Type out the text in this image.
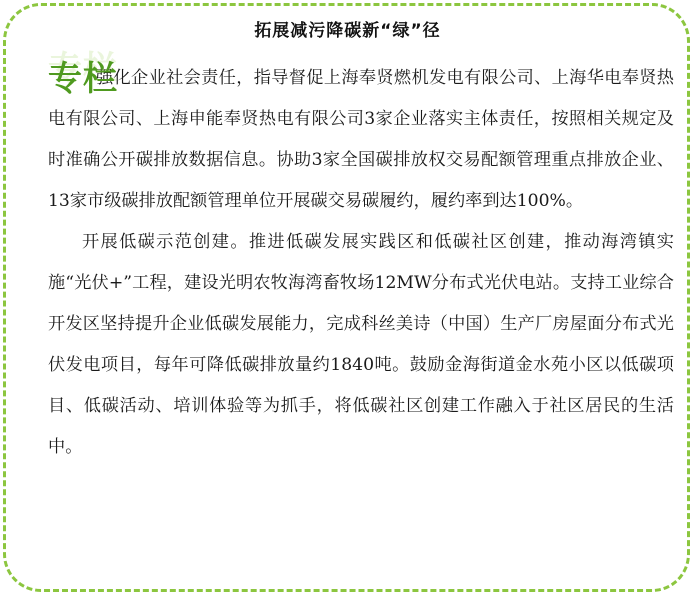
拓展减污降碳新“绿”径

强化企业社会责任，指导督促上海奉贤燃机发电有限公司、上海华电奉贤热电有限公司、上海申能奉贤热电有限公司3家企业落实主体责任，按照相关规定及时准确公开碳排放数据信息。协助3家全国碳排放权交易配额管理重点排放企业、13家市级碳排放配额管理单位开展碳交易碳履约，履约率到达100%。

开展低碳示范创建。推进低碳发展实践区和低碳社区创建，推动海湾镇实施“光伏+”工程，建设光明农牧海湾畜牧场12MW分布式光伏电站。支持工业综合开发区坚持提升企业低碳发展能力，完成科丝美诗（中国）生产厂房屋面分布式光伏发电项目，每年可降低碳排放量约1840吨。鼓励金海街道金水苑小区以低碳项目、低碳活动、培训体验等为抓手，将低碳社区创建工作融入于社区居民的生活中。

专栏
